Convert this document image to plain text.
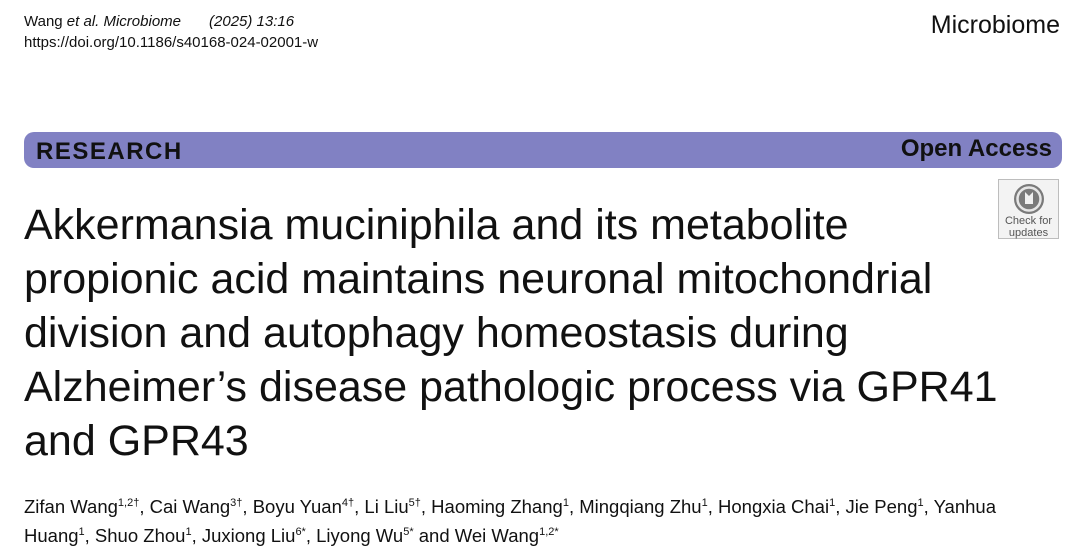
Wang et al. Microbiome (2025) 13:16
https://doi.org/10.1186/s40168-024-02001-w
Microbiome
RESEARCH	Open Access
Check for
updates
Akkermansia muciniphila and its metabolite propionic acid maintains neuronal mitochondrial division and autophagy homeostasis during Alzheimer’s disease pathologic process via GPR41 and GPR43
Zifan Wang$^{1,2\dagger}$, Cai Wang$^{3\dagger}$, Boyu Yuan$^{4\dagger}$, Li Liu$^{5\dagger}$, Haoming Zhang$^1$, Mingqiang Zhu$^1$, Hongxia Chai$^1$, Jie Peng$^1$, Yanhua Huang$^1$, Shuo Zhou$^1$, Juxiong Liu$^{6*}$, Liyong $Wu^{5*}$ and Wei Wang$^{1,2*}$
